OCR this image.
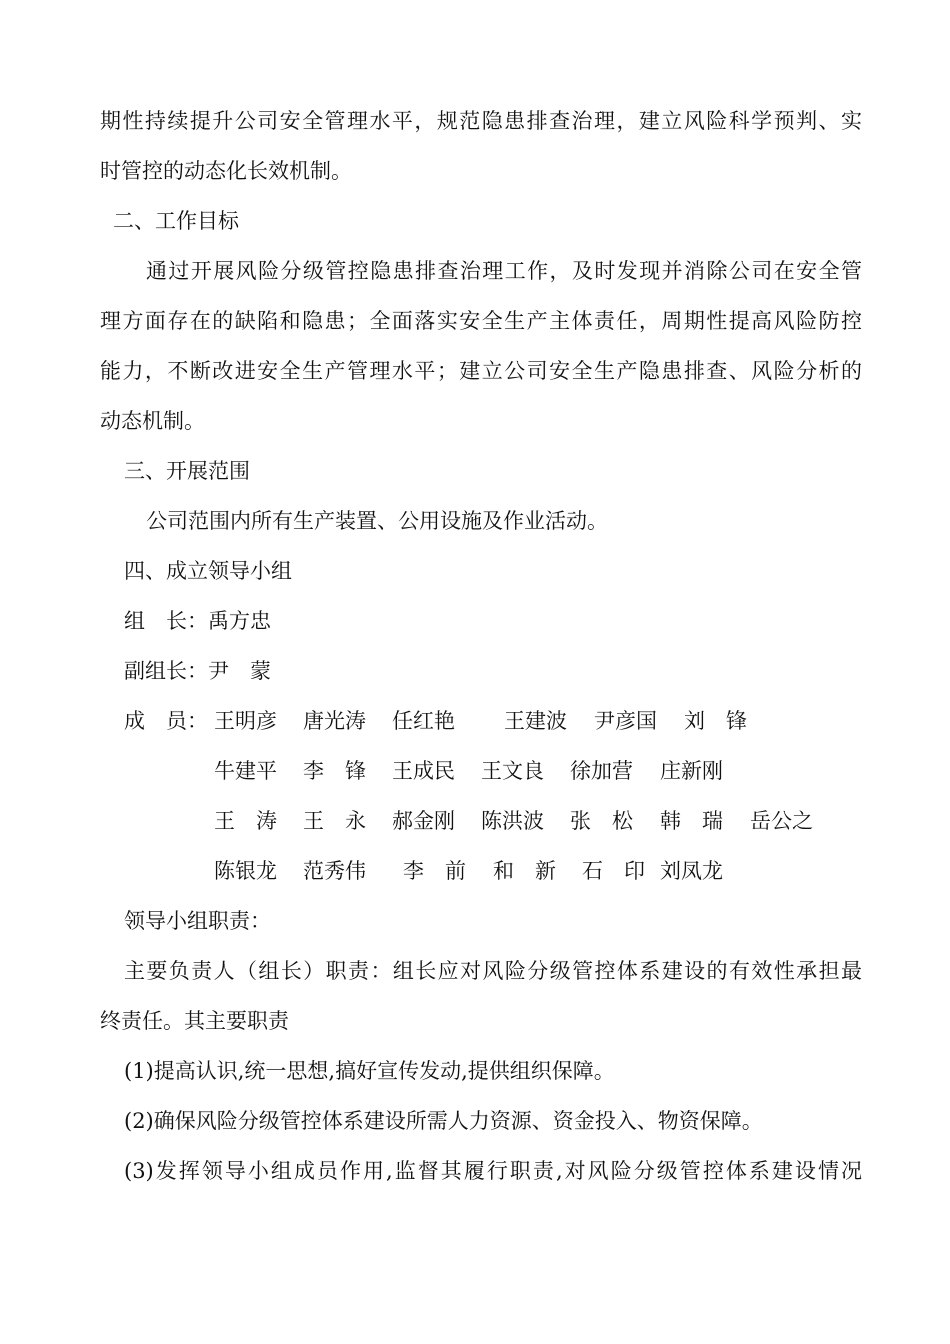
期性持续提升公司安全管理水平，规范隐患排查治理，建立风险科学预判、实
时管控的动态化长效机制。
二、工作目标
通过开展风险分级管控隐患排查治理工作，及时发现并消除公司在安全管
理方面存在的缺陷和隐患；全面落实安全生产主体责任，周期性提高风险防控
能力，不断改进安全生产管理水平；建立公司安全生产隐患排查、风险分析的
动态机制。
三、开展范围
公司范围内所有生产装置、公用设施及作业活动。
四、成立领导小组
组　长：禹方忠
副组长：尹　蒙
成　员： 王明彦 唐光涛 任红艳 王建波 尹彦国 刘　锋
牛建平 李　锋 王成民 王文良 徐加营 庄新刚
王　涛 王　永 郝金刚 陈洪波 张　松 韩　瑞 岳公之
陈银龙 范秀伟 李　前 和　新 石　印 刘凤龙
领导小组职责：
主要负责人（组长）职责：组长应对风险分级管控体系建设的有效性承担最
终责任。其主要职责
(1)提高认识,统一思想,搞好宣传发动,提供组织保障。
(2)确保风险分级管控体系建设所需人力资源、资金投入、物资保障。
(3)发挥领导小组成员作用,监督其履行职责,对风险分级管控体系建设情况
